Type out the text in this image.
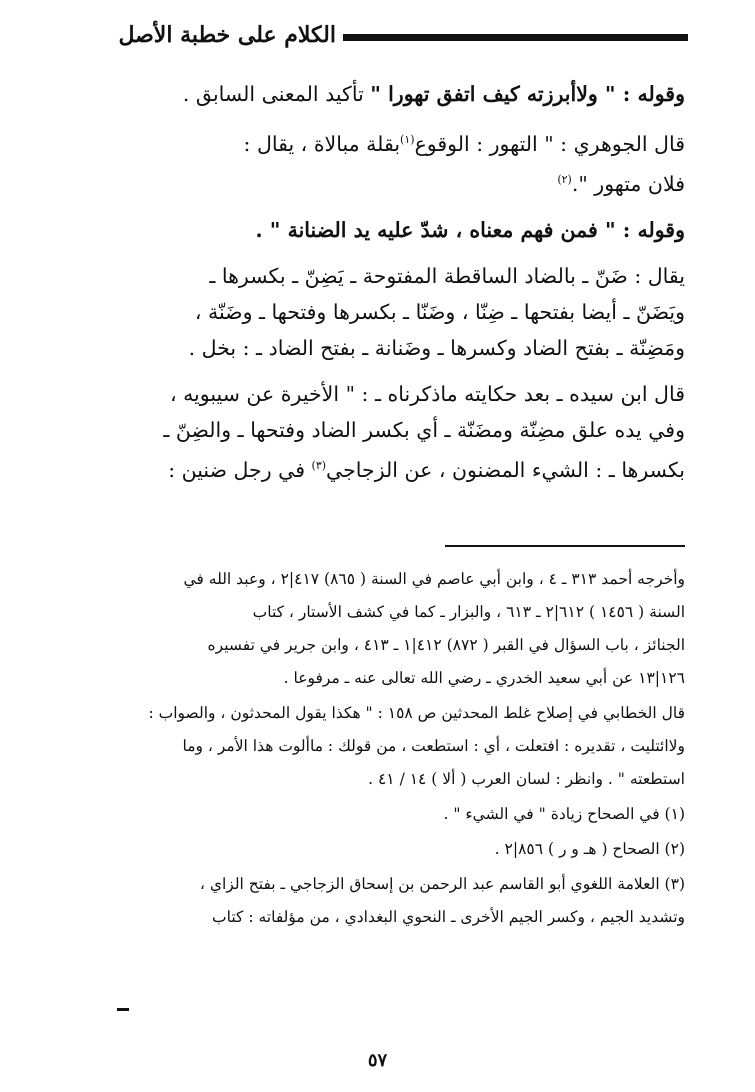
الكلام على خطبة الأصل

وقوله : " ولاأبرزته كيف اتفق تهورا " تأكيد المعنى السابق .

قال الجوهري : " التهور : الوقوع$^{(١)}$بقلة مبالاة ، يقال :

فلان متهور ".$^{(٢)}$

وقوله : " فمن فهم معناه ، شدّ عليه يد الضنانة " .

يقال : ضَنّ ـ بالضاد الساقطة المفتوحة ـ يَضِنّ ـ بكسرها ـ

ويَضَنّ ـ أيضا بفتحها ـ ضِنّا ، وضَنّا ـ بكسرها وفتحها ـ وضَنّة ،

ومَضِنّة ـ بفتح الضاد وكسرها ـ وضَنانة ـ بفتح الضاد ـ : بخل .

قال ابن سيده ـ بعد حكايته ماذكرناه ـ : " الأخيرة عن سيبويه ،

وفي يده علق مضِنّة ومضَنّة ـ أي بكسر الضاد وفتحها ـ والضِنّ ـ

بكسرها ـ : الشيء المضنون ، عن الزجاجي$^{(٣)}$ في رجل ضنين :

وأخرجه أحمد ٣١٣ ـ ٤ ، وابن أبي عاصم في السنة ( ٨٦٥) ٤١٧|٢ ، وعبد الله في

السنة ( ١٤٥٦ ) ٦١٢|٢ ـ ٦١٣ ، والبزار ـ كما في كشف الأستار ، كتاب

الجنائز ، باب السؤال في القبر ( ٨٧٢) ٤١٢|١ ـ ٤١٣ ، وابن جرير في تفسيره

١٢٦|١٣ عن أبي سعيد الخدري ـ رضي الله تعالى عنه ـ مرفوعا .

قال الخطابي في إصلاح غلط المحدثين ص ١٥٨ : " هكذا يقول المحدثون ، والصواب :

ولاائتليت ، تقديره : افتعلت ، أي : استطعت ، من قولك : ماألوت هذا الأمر ، وما

استطعته " . وانظر : لسان العرب ( ألا ) ١٤ / ٤١ .

(١) في الصحاح زيادة " في الشيء " .

(٢) الصحاح ( هـ و ر ) ٨٥٦|٢ .

(٣) العلامة اللغوي أبو القاسم عبد الرحمن بن إسحاق الزجاجي ـ بفتح الزاي ،

وتشديد الجيم ، وكسر الجيم الأخرى ـ النحوي البغدادي ، من مؤلفاته : كتاب

٥٧
